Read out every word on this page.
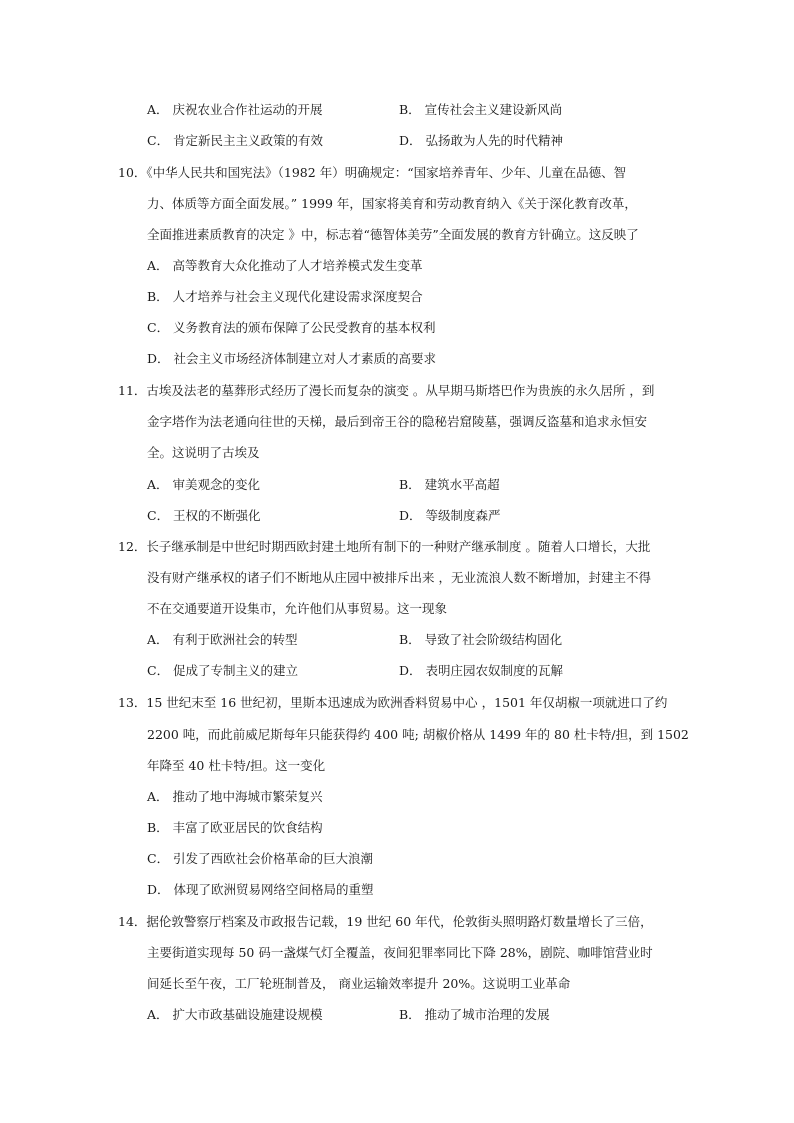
A． 庆祝农业合作社运动的开展	B． 宣传社会主义建设新风尚
C． 肯定新民主主义政策的有效	D． 弘扬敢为人先的时代精神
10．《中华人民共和国宪法》（1982 年）明确规定：“国家培养青年、少年、儿童在品德、智
力、体质等方面全面发展。” 1999 年，国家将美育和劳动教育纳入《关于深化教育改革，
全面推进素质教育的决定 》中，标志着“德智体美劳”全面发展的教育方针确立。这反映了
A． 高等教育大众化推动了人才培养模式发生变革
B． 人才培养与社会主义现代化建设需求深度契合
C． 义务教育法的颁布保障了公民受教育的基本权利
D． 社会主义市场经济体制建立对人才素质的高要求
11．古埃及法老的墓葬形式经历了漫长而复杂的演变 。从早期马斯塔巴作为贵族的永久居所 ，到
金字塔作为法老通向往世的天梯，最后到帝王谷的隐秘岩窟陵墓，强调反盗墓和追求永恒安
全。这说明了古埃及
A． 审美观念的变化	B． 建筑水平高超
C． 王权的不断强化	D． 等级制度森严
12．长子继承制是中世纪时期西欧封建土地所有制下的一种财产继承制度 。随着人口增长，大批
没有财产继承权的诸子们不断地从庄园中被排斥出来 ，无业流浪人数不断增加，封建主不得
不在交通要道开设集市，允许他们从事贸易。这一现象
A． 有利于欧洲社会的转型	B． 导致了社会阶级结构固化
C． 促成了专制主义的建立	D． 表明庄园农奴制度的瓦解
13．15 世纪末至 16 世纪初，里斯本迅速成为欧洲香料贸易中心 ，1501 年仅胡椒一项就进口了约
2200 吨，而此前威尼斯每年只能获得约 400 吨; 胡椒价格从 1499 年的 80 杜卡特/担，到 1502
年降至 40 杜卡特/担。这一变化
A． 推动了地中海城市繁荣复兴
B． 丰富了欧亚居民的饮食结构
C． 引发了西欧社会价格革命的巨大浪潮
D． 体现了欧洲贸易网络空间格局的重塑
14．据伦敦警察厅档案及市政报告记载，19 世纪 60 年代，伦敦街头照明路灯数量增长了三倍，
主要街道实现每 50 码一盏煤气灯全覆盖，夜间犯罪率同比下降 28%，剧院、咖啡馆营业时
间延长至午夜，工厂轮班制普及， 商业运输效率提升 20%。这说明工业革命
A． 扩大市政基础设施建设规模	B． 推动了城市治理的发展
